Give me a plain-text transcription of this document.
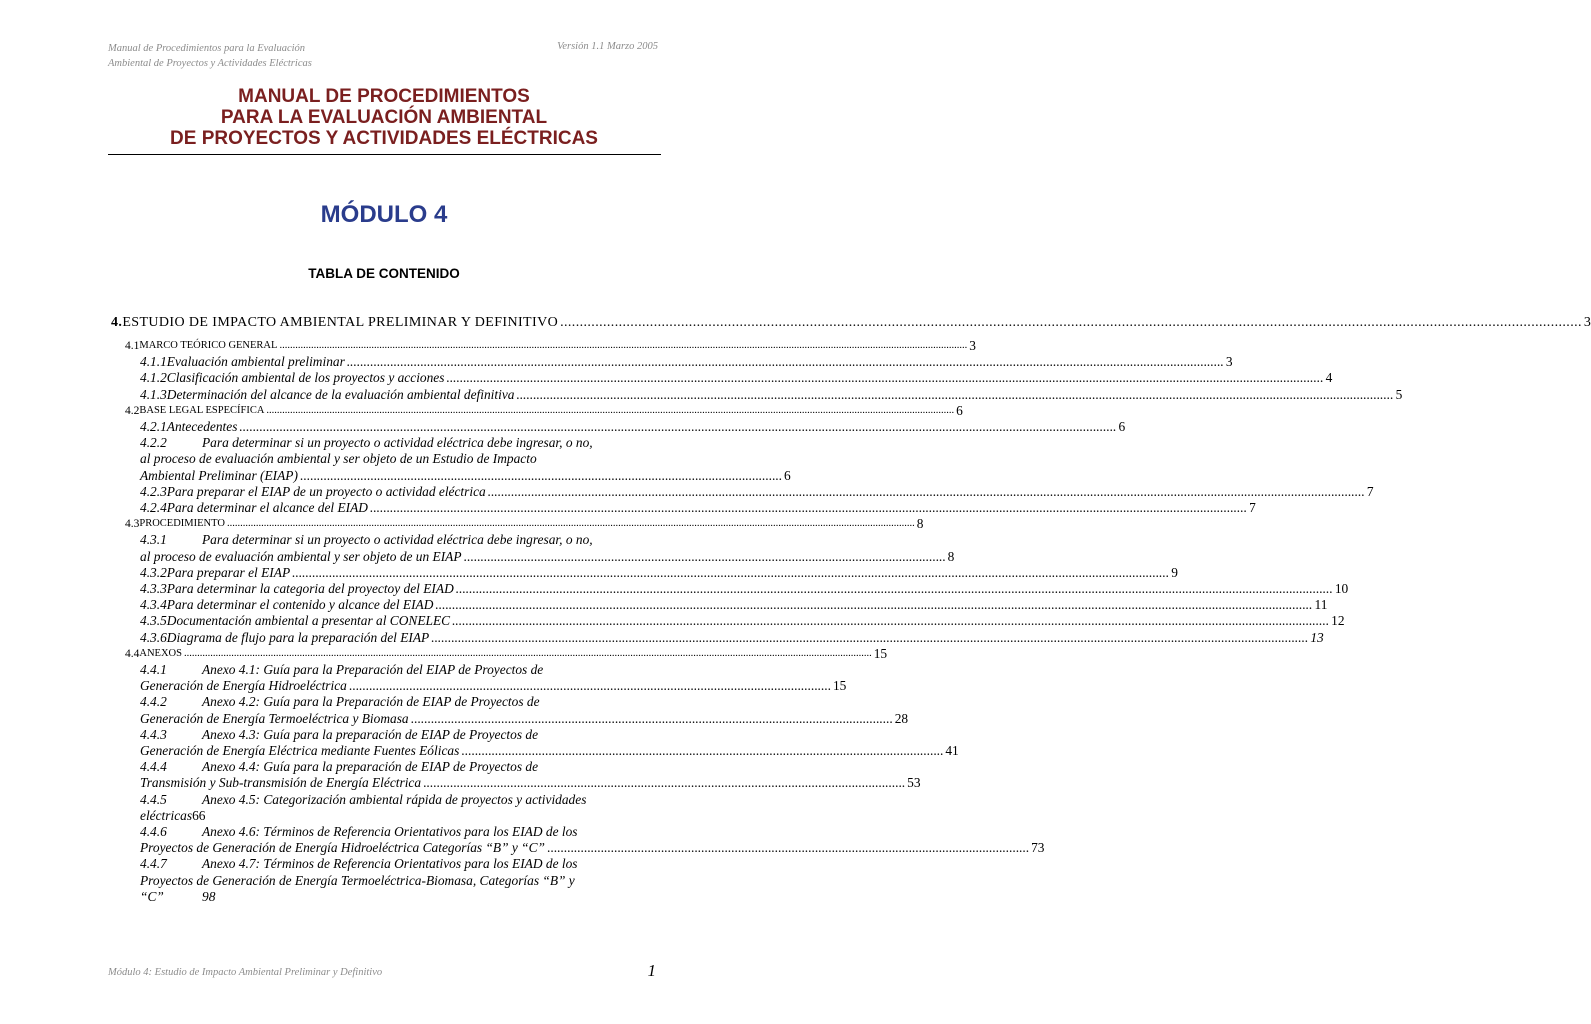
Manual de Procedimientos para la Evaluación
Ambiental de Proyectos y Actividades Eléctricas
Versión 1.1 Marzo 2005
MANUAL DE PROCEDIMIENTOS
PARA LA EVALUACIÓN AMBIENTAL
DE PROYECTOS Y ACTIVIDADES ELÉCTRICAS
MÓDULO 4
TABLA DE CONTENIDO
4. ESTUDIO DE IMPACTO AMBIENTAL PRELIMINAR Y DEFINITIVO .....	3
4.1 MARCO TEÓRICO GENERAL .....	3
4.1.1 Evaluación ambiental preliminar .....	3
4.1.2 Clasificación ambiental de los proyectos y acciones .....	4
4.1.3 Determinación del alcance de la evaluación ambiental definitiva .....	5
4.2 BASE LEGAL ESPECÍFICA .....	6
4.2.1 Antecedentes .....	6
4.2.2	Para determinar si un proyecto o actividad eléctrica debe ingresar, o no,
al proceso de evaluación ambiental y ser objeto de un Estudio de Impacto
Ambiental Preliminar (EIAP) ................................................................................................................................................ 6
4.2.3 Para preparar el EIAP de un proyecto o actividad eléctrica .....	7
4.2.4 Para determinar el alcance del EIAD .....	7
4.3 PROCEDIMIENTO .....	8
4.3.1	Para determinar si un proyecto o actividad eléctrica debe ingresar, o no,
al proceso de evaluación ambiental y ser objeto de un EIAP ................................................................................................................................................ 8
4.3.2 Para preparar el EIAP .....	9
4.3.3 Para determinar la categoria del proyectoy del EIAD .....	10
4.3.4 Para determinar el contenido y alcance del EIAD .....	11
4.3.5 Documentación ambiental a presentar al CONELEC .....	12
4.3.6 Diagrama de flujo para la preparación del EIAP .....	13
4.4 ANEXOS .....	15
4.4.1	Anexo 4.1: Guía para la Preparación del EIAP de Proyectos de
Generación de Energía Hidroeléctrica ................................................................................................................................................ 15
4.4.2	Anexo 4.2: Guía para la Preparación de EIAP de Proyectos de
Generación de Energía Termoeléctrica y Biomasa ................................................................................................................................................ 28
4.4.3	Anexo 4.3: Guía para la preparación de EIAP de Proyectos de
Generación de Energía Eléctrica mediante Fuentes Eólicas ................................................................................................................................................ 41
4.4.4	Anexo 4.4: Guía para la preparación de EIAP de Proyectos de
Transmisión y Sub-transmisión de Energía Eléctrica ................................................................................................................................................ 53
4.4.5	Anexo 4.5: Categorización ambiental rápida de proyectos y actividades
eléctricas 66
4.4.6	Anexo 4.6: Términos de Referencia Orientativos para los EIAD de los
Proyectos de Generación de Energía Hidroeléctrica Categorías “B” y “C” ................................................................................................................................................ 73
4.4.7	Anexo 4.7: Términos de Referencia Orientativos para los EIAD de los
Proyectos de Generación de Energía Termoeléctrica-Biomasa, Categorías “B” y
“C”	98
Módulo 4: Estudio de Impacto Ambiental Preliminar y Definitivo	1
